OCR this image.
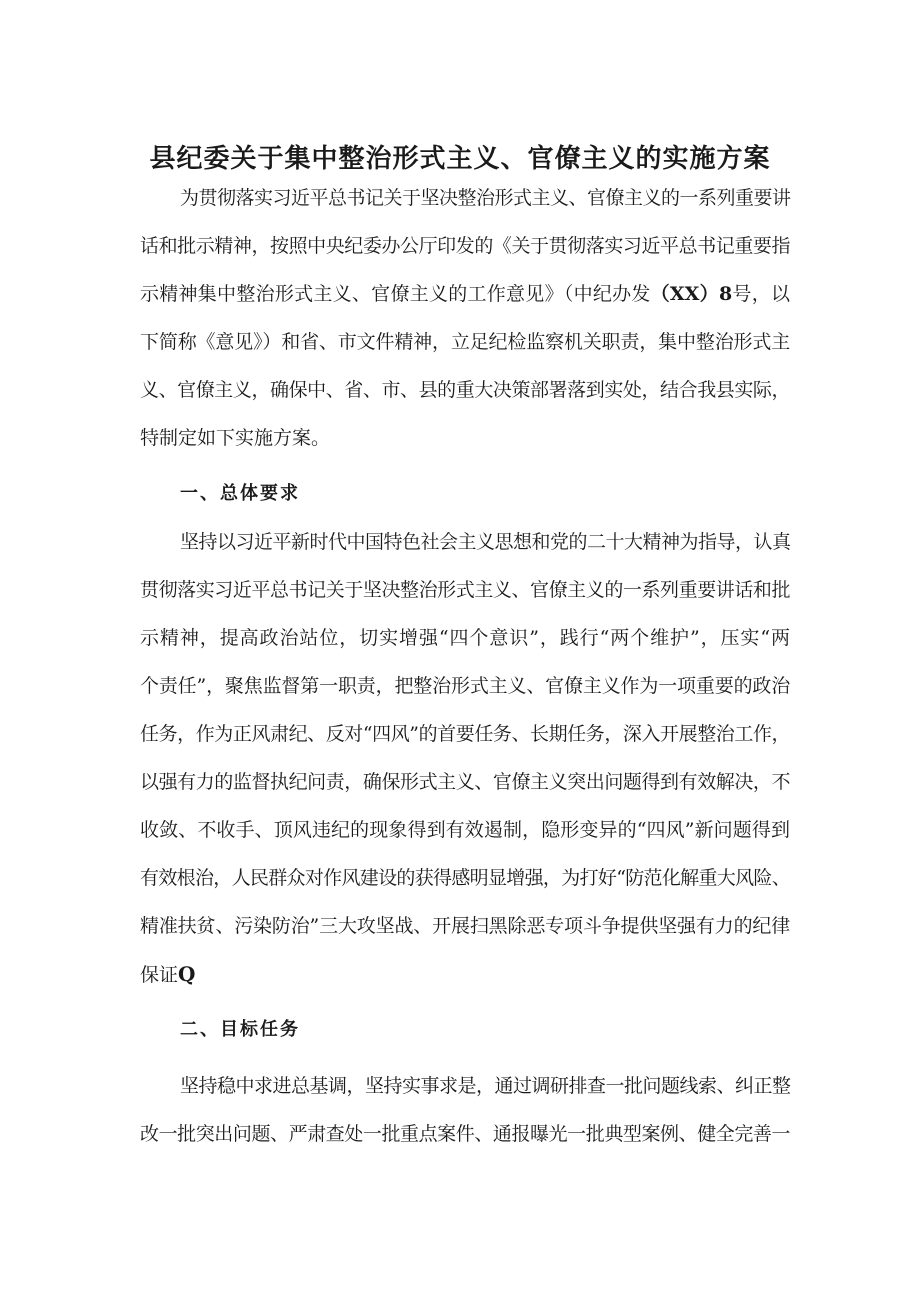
县纪委关于集中整治形式主义、官僚主义的实施方案

为贯彻落实习近平总书记关于坚决整治形式主义、官僚主义的一系列重要讲

话和批示精神，按照中央纪委办公厅印发的《关于贯彻落实习近平总书记重要指

示精神集中整治形式主义、官僚主义的工作意见》（中纪办发（XX）8号，以

下简称《意见》）和省、市文件精神，立足纪检监察机关职责，集中整治形式主

义、官僚主义，确保中、省、市、县的重大决策部署落到实处，结合我县实际，

特制定如下实施方案。

一、总体要求

坚持以习近平新时代中国特色社会主义思想和党的二十大精神为指导，认真

贯彻落实习近平总书记关于坚决整治形式主义、官僚主义的一系列重要讲话和批

示精神，提高政治站位，切实增强“四个意识”，践行“两个维护”，压实“两

个责任”，聚焦监督第一职责，把整治形式主义、官僚主义作为一项重要的政治

任务，作为正风肃纪、反对“四风”的首要任务、长期任务，深入开展整治工作，

以强有力的监督执纪问责，确保形式主义、官僚主义突出问题得到有效解决，不

收敛、不收手、顶风违纪的现象得到有效遏制，隐形变异的“四风”新问题得到

有效根治，人民群众对作风建设的获得感明显增强，为打好“防范化解重大风险、

精准扶贫、污染防治”三大攻坚战、开展扫黑除恶专项斗争提供坚强有力的纪律

保证Q

二、目标任务

坚持稳中求进总基调，坚持实事求是，通过调研排查一批问题线索、纠正整

改一批突出问题、严肃查处一批重点案件、通报曝光一批典型案例、健全完善一
